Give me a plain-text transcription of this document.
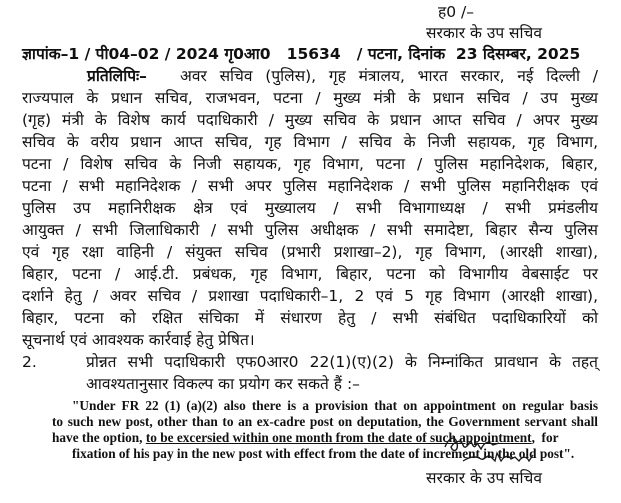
ह0 /–
सरकार के उप सचिव
ज्ञापांक–1 / पी04–02 / 2024 गृ0आ0   15634   / पटना, दिनांक  23 दिसम्बर, 2025
प्रतिलिपिः– अवर सचिव (पुलिस), गृह मंत्रालय, भारत सरकार, नई दिल्ली /
राज्यपाल के प्रधान सचिव, राजभवन, पटना / मुख्य मंत्री के प्रधान सचिव / उप मुख्य
(गृह) मंत्री के विशेष कार्य पदाधिकारी / मुख्य सचिव के प्रधान आप्त सचिव / अपर मुख्य
सचिव के वरीय प्रधान आप्त सचिव, गृह विभाग / सचिव के निजी सहायक, गृह विभाग,
पटना / विशेष सचिव के निजी सहायक, गृह विभाग, पटना / पुलिस महानिदेशक, बिहार,
पटना / सभी महानिदेशक / सभी अपर पुलिस महानिदेशक / सभी पुलिस महानिरीक्षक एवं
पुलिस उप महानिरीक्षक क्षेत्र एवं मुख्यालय / सभी विभागाध्यक्ष / सभी प्रमंडलीय
आयुक्त / सभी जिलाधिकारी / सभी पुलिस अधीक्षक / सभी समादेष्टा, बिहार सैन्य पुलिस
एवं गृह रक्षा वाहिनी / संयुक्त सचिव (प्रभारी प्रशाखा–2), गृह विभाग, (आरक्षी शाखा),
बिहार, पटना / आई.टी. प्रबंधक, गृह विभाग, बिहार, पटना को विभागीय वेबसाईट पर
दर्शाने हेतु / अवर सचिव / प्रशाखा पदाधिकारी–1, 2 एवं 5 गृह विभाग (आरक्षी शाखा),
बिहार, पटना को रक्षित संचिका में संधारण हेतु / सभी संबंधित पदाधिकारियों को
सूचनार्थ एवं आवश्यक कार्रवाई हेतु प्रेषित।
2.	प्रोन्नत सभी पदाधिकारी एफ0आर0 22(1)(ए)(2) के निम्नांकित प्रावधान के तहत्
आवश्यतानुसार विकल्प का प्रयोग कर सकते हैं :–
"Under FR 22 (1) (a)(2) also there is a provision that on appointment on regular basis
to such new post, other than to an ex-cadre post on deputation, the Government servant shall
have the option, to be excersied within one month from the date of such appointment,  for
fixation of his pay in the new post with effect from the date of increment in the old post".
सरकार के उप सचिव
